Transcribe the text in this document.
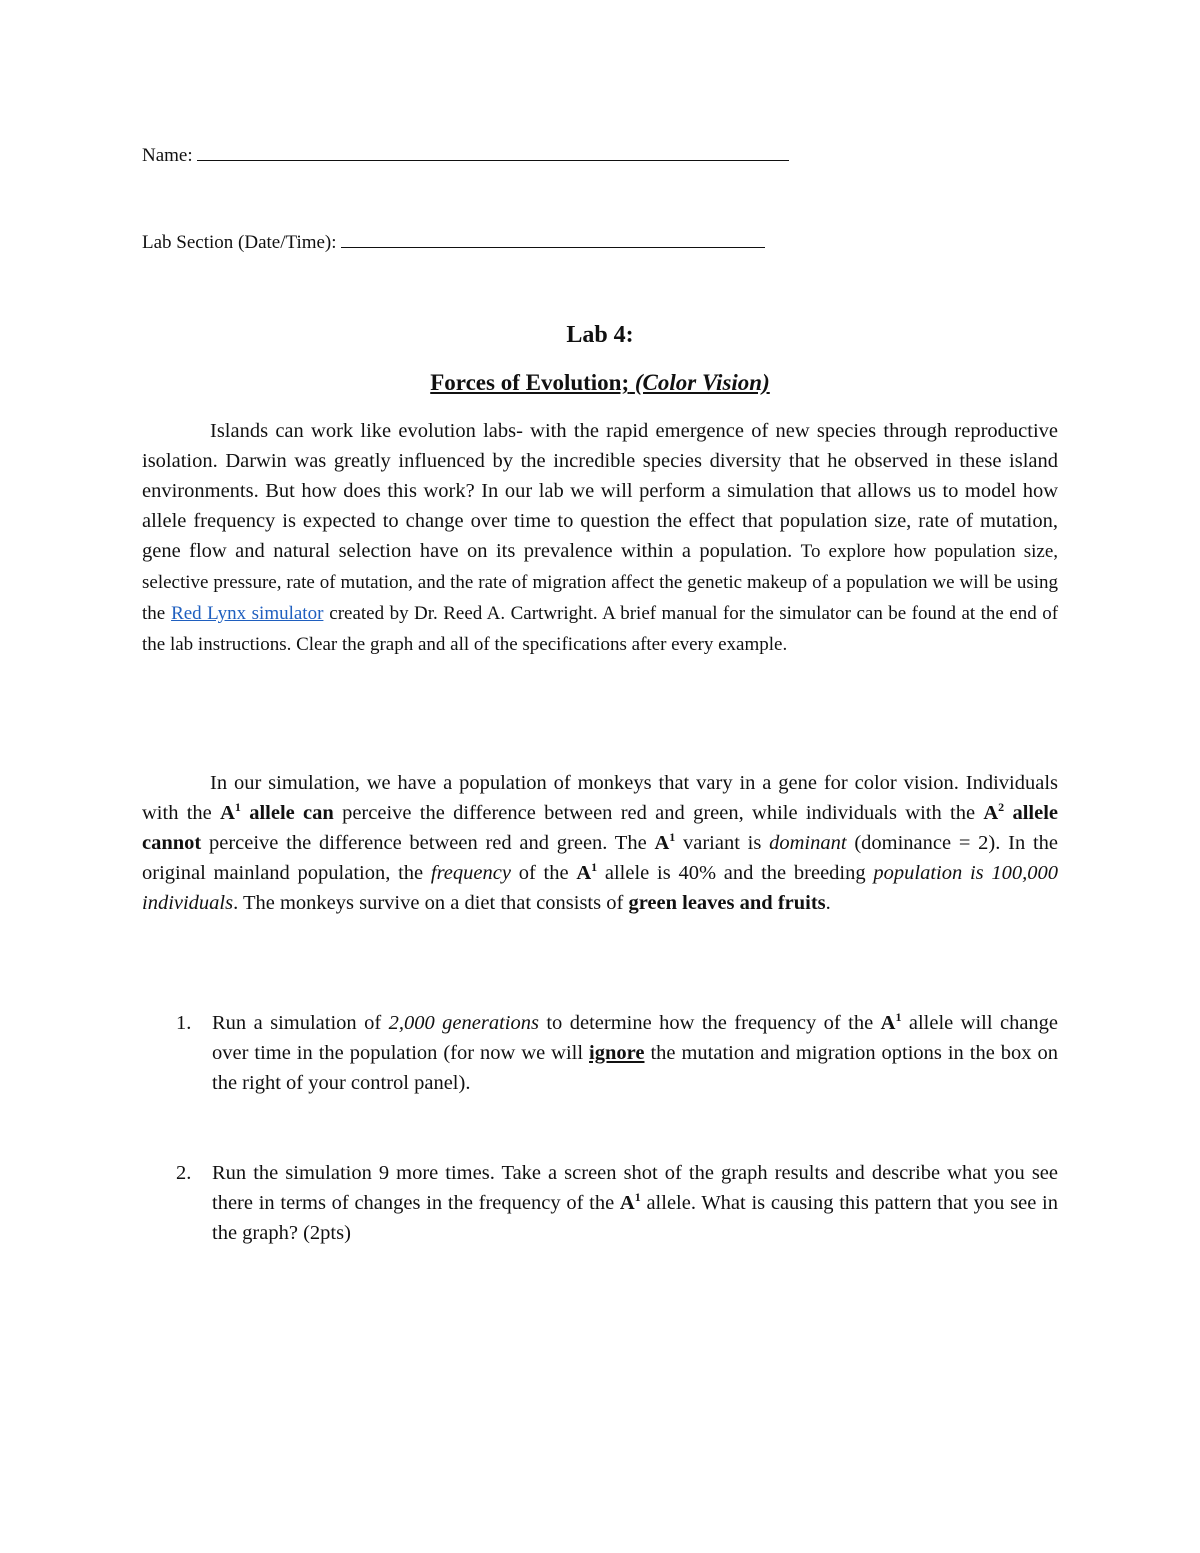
Name:
Lab Section (Date/Time):
Lab 4:
Forces of Evolution; (Color Vision)

Islands can work like evolution labs- with the rapid emergence of new species through reproductive isolation. Darwin was greatly influenced by the incredible species diversity that he observed in these island environments. But how does this work? In our lab we will perform a simulation that allows us to model how allele frequency is expected to change over time to question the effect that population size, rate of mutation, gene flow and natural selection have on its prevalence within a population. To explore how population size, selective pressure, rate of mutation, and the rate of migration affect the genetic makeup of a population we will be using the Red Lynx simulator created by Dr. Reed A. Cartwright. A brief manual for the simulator can be found at the end of the lab instructions. Clear the graph and all of the specifications after every example.

In our simulation, we have a population of monkeys that vary in a gene for color vision. Individuals with the $A^1$ allele can perceive the difference between red and green, while individuals with the $A^2$ allele cannot perceive the difference between red and green. The $A^1$ variant is dominant (dominance = 2). In the original mainland population, the frequency of the $A^1$ allele is 40% and the breeding population is 100,000 individuals. The monkeys survive on a diet that consists of green leaves and fruits.

1. Run a simulation of 2,000 generations to determine how the frequency of the $A^1$ allele will change over time in the population (for now we will ignore the mutation and migration options in the box on the right of your control panel).
2. Run the simulation 9 more times. Take a screen shot of the graph results and describe what you see there in terms of changes in the frequency of the $A^1$ allele. What is causing this pattern that you see in the graph? (2pts)
